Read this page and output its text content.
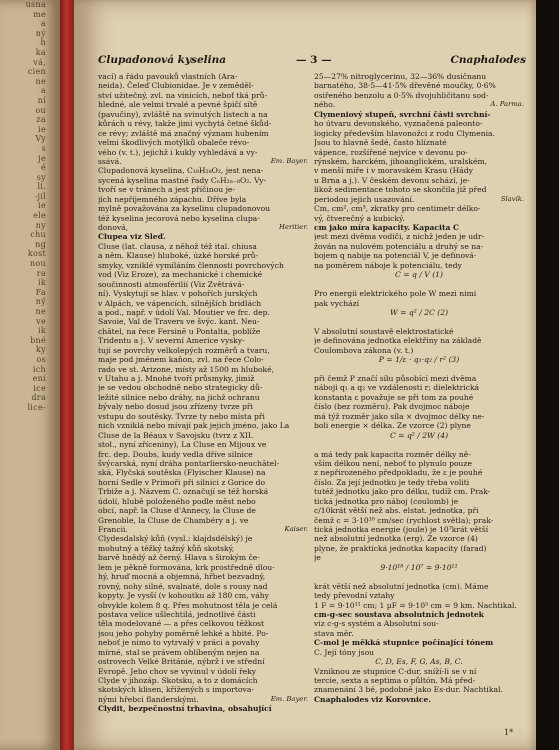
usna
me
a
ný
h
ka
vá,
cien
ne
a
ní
ou
za
ie
Vy
s
je
é
sy
li.
-jil
ie
ele
ny
chu
ng
kost
nou
ra
ik
Fa
ný
ne
ve
ik
bné
ky
os
ich
ení
ice
dra
lice-
Clupadonová kyselina	— 3 —	Cnaphalodes
vací) a řádu pavouků vlastních (Ara-
neida). Čeleď Clubionidae. Je v zeměděl-
ství užitečný, zvl. na vinicích, neboť tká prů-
hledné, ale velmi trvalé a pevné špičí sítě
(pavučiny), zvláště na svinutých listech a na
kůrách u révy, takže jimi vychytá četné škůd-
ce révy; zvláště má značný význam hubením
velmi škodlivých motýlků obaleče révo-
vého (v. t.), jejichž i kukly vyhledává a vy-
ssává.	Em. Bayer.
Clupadonová kyselina, C₁₈H₂₈O₂, jest nena-
sycená kyselina mastné řady CₙH₂ₙ₋₈O₂. Vy-
tvoří se v tránech a jest příčinou je-
jich nepříjemného zápachu. Dříve byla
mylně považována za kyselinu clupadonovou
též kyselina jecorová nebo kyselina clupa-
donová,	Heritier.
Clupea viz Sleď.
Cluse (lat. clausa, z něhož též ital. chiusa
a něm. Klause) hluboké, úzké horské prů-
smyky, vzniklé vymíláním člennosti povrchových
vod (Viz Eroze), za mechanické i chemické
součinnosti atmosférilií (Viz Zvětrává-
ní). Vyskytují se hlav. v pohořích jurských
v Alpách, ve vápencích, silnějších bridlách
a pod., např. v údolí Val. Moutier ve frc. dep.
Savoie, Val de Travers ve švýc. kant. Neu-
châtel, na řece Fersině u Pontalta, poblíže
Tridentu a j. V severní Americe vysky-
tují se povrchy velkolepých rozměrů a tvaru,
maje pod jménem kaňon, zvl. na řece Colo-
rado ve st. Arizone, místy až 1500 m hluboké,
v Utahu a j. Mnohé tvoří průsmyky, jimiž
je se vedou obchodně nebo strategicky dů-
ležité silnice nebo dráhy, na jichž ochranu
bývaly nebo dosud jsou zřízeny tvrze při
vstupu do soutěsky. Tvrze ty nebo místa při
nich vzniklá nebo mívají pak jejich jméno, jako La
Cluse de la Béaux v Savojsku (tvrz z XII.
stol., nyní zříceniny), La Cluse en Mijoux ve
frc. dep. Doubs, kudy vedla dříve silnice
švýcarská, nyní dráha pontarliersko-neuchâtel-
ská, Flyčská soutěska (Flyischer Klause) na
horní Sedle v Primoři při silnici z Gorice do
Trbiže a j. Názvem C. označují se též horská
údolí, hlubě položeného podle měst nebo
obcí, např. la Cluse d'Annecy, la Cluse de
Grenoble, la Cluse de Chambéry a j. ve
Francii.	Kaiser.
Clydesdalský kůň (vysl.: klajdsdélský) je
mohutný a těžký tažný kůň skotský,
barvě hnědý až černý. Hlava s širokým če-
lem je pěkně formována, krk prostředně dlou-
hý, hruď mocná a objemná, hřbet bezvadný,
rovný, nohy silné, svalnaté, dole s rousy nad
kopyty. Je vysší (v kohoutku až 180 cm, váhy
obvykle kolem 8 q. Přes mohutnost těla je celá
postava velice ušlechtilá, jednotlivé části
těla modelované — a přes celkovou těžkost
jsou jeho pohyby poměrně lehké a hbité. Po-
neboť je nimo to vytrvalý v práci a povahy
mírné, stal se právem oblíbeným nejen na
ostrovech Velké Británie, nýbrž i ve střední
Evropě. Jeho chov se vyvinul v údolí řeky
Clyde v jihozáp. Skotsku, a to z domácích
skotských klisen, křížených s importova-
nými hřebci flanderskými.	Em. Bayer.
Clydit, bezpečnostní trhavina, obsahující
25—27% nitroglycerinu, 32—36% dusičnanu
barnatého, 38·5—41·5% dřevěné moučky, 0·6%
osiřeného benzolu a 0·5% dvojuhličitanu sod-
ného.	A. Parma.
Clymeniový stupeň, svrchní části svrchní-
ho útvaru devonského, vyznačená paleonto-
logicky především hlavonožci z rodu Clymenia.
Jsou to hlavně šedé, často hlíznaté
vápence, rozšířené nejvíce v devonu po-
rýnském, harckém, jihoanglickém, uralském,
v menší míře i v moravském Krasu (Hády
u Brna a j.). V českém devonu schází, je-
likož sedimentace tohoto se skončila již před
periodou jejich usazování.	Slavík.
Cm, cm², cm³, zkratky pro centimetr délko-
vý, čtverečný a kubický.
cm jako míra kapacity. Kapacita C
jest mezi dvěma vodiči, z nichž jeden je udr-
žován na nulovém potenciálu a druhý se na-
bojem q nabije na potenciál V, je definová-
na poměrem náboje k potenciálu, tedy
C = q / V (1)
Pro energii elektrického pole W mezi nimi
pak vychází
W = q² / 2C (2)
V absolutní soustavě elektrostatické
je definována jednotka elektřiny na základě
Coulombova zákona (v. t.)
P = 1/ε · q₁·q₂ / r² (3)
při čemž P značí sílu působící mezi dvěma
náboji q₁ a q₂ ve vzdálenosti r; dielektrická
konstanta ε považuje se při tom za pouhé
číslo (bez rozměru). Pak dvojmoc náboje
má týž rozměr jako síla × dvojmoc délky ne-
boli energie × délka. Ze vzorce (2) plyne
C = q² / 2W (4)
a má tedy pak kapacita rozměr délky ně-
vším délkou není, neboť to plynulo pouze
z nepřirozeného předpokladu, že ε je pouhé
číslo. Za její jednotku je tedy třeba voliti
tutéž jednotku jako pro délku, tudíž cm. Prak-
tická jednotka pro náboj (coulomb) je
c/10krát větší než abs. elstat. jednotka, při
čemž c = 3·10¹⁰ cm/sec (rychlost světla); prak-
tická jednotka energie (joule) je 10⁷krát větší
než absolutní jednotka (erg). Ze vzorce (4)
plyne, že praktická jednotka kapacity (farad)
je
9·10¹⁸ / 10⁷ = 9·10¹¹
krát větší než absolutní jednotka (cm). Máme
tedy převodní vztahy
1 F = 9·10¹¹ cm; 1 µF = 9·10⁵ cm = 9 km. Nachtikal.
cm-g-sec soustava absolutních jednotek
viz c-g-s systém a Absolutní sou-
stava měr.
C-mol je měkká stupnice počínající tónem
C. Její tóny jsou
C, D, Es, F, G, As, B, C.
Vzniknou ze stupnice C-dur, sníží-li se v ní
tercie, sexta a septima o půltón. Má před-
znamenání 3 bé, podobně jako Es-dur. Nachtikal.
Cnaphalodes viz Korovnice.
1*
